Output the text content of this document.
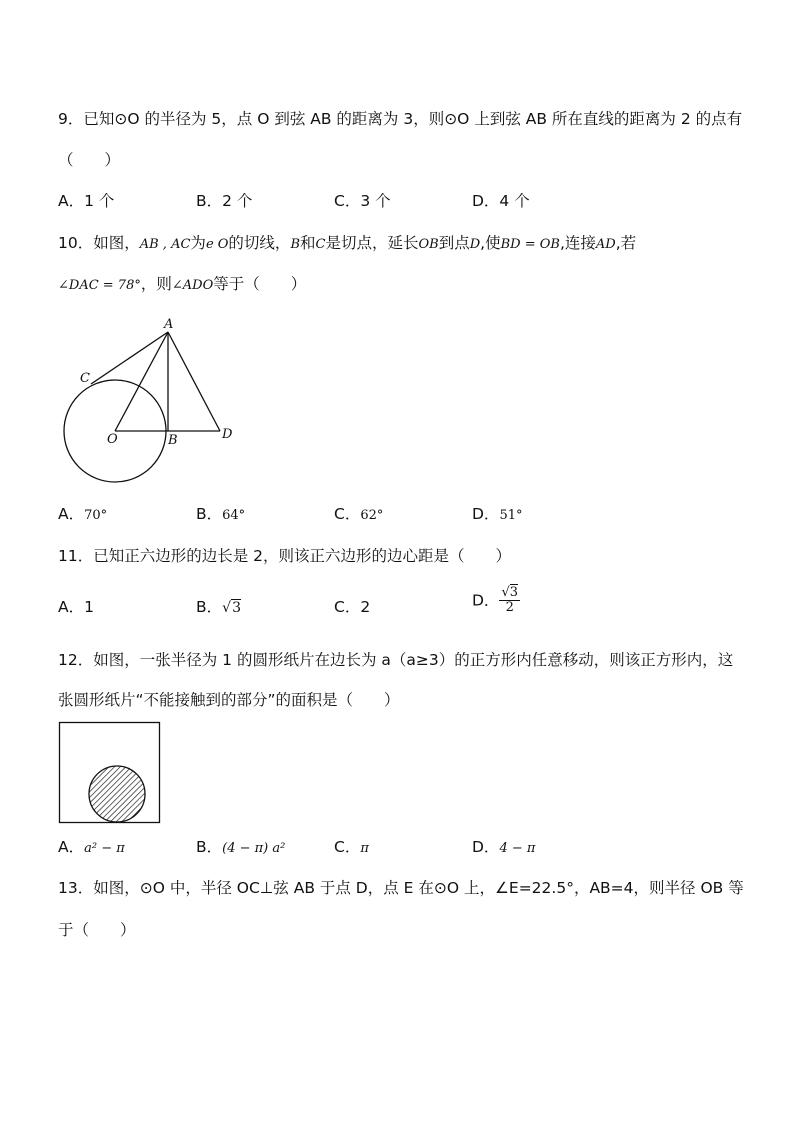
9．已知⊙O 的半径为 5，点 O 到弦 AB 的距离为 3，则⊙O 上到弦 AB 所在直线的距离为 2 的点有
（　　）
A．1 个	B．2 个	C．3 个	D．4 个
10．如图，AB , AC为e O的切线，B和C是切点，延长OB到点D,使BD = OB,连接AD,若
∠DAC = 78°，则∠ADO等于（　　）
A
C
O	B	D
A．70°	B．64°	C．62°	D．51°
11．已知正六边形的边长是 2，则该正六边形的边心距是（　　）
A．1	B．√3	C．2	D． $\frac{√3}{2}$
12．如图，一张半径为 1 的圆形纸片在边长为 a（a≥3）的正方形内任意移动，则该正方形内，这
张圆形纸片“不能接触到的部分”的面积是（　　）
A．a² − π	B．(4 − π) a²	C．π	D．4 − π
13．如图，⊙O 中，半径 OC⊥弦 AB 于点 D，点 E 在⊙O 上，∠E=22.5°，AB=4，则半径 OB 等
于（　　）
